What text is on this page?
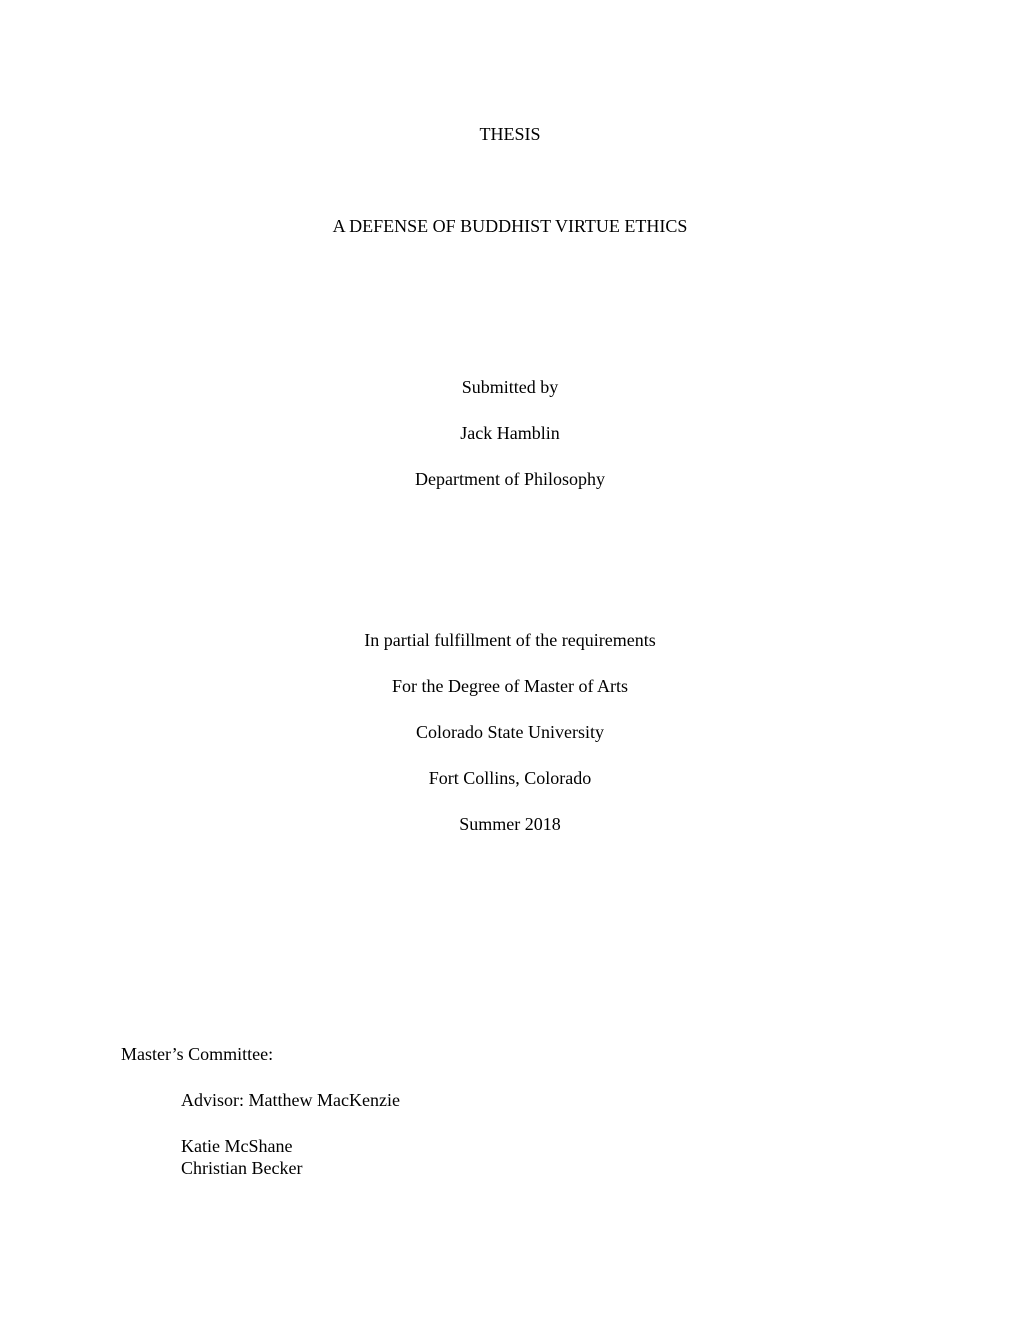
THESIS
A DEFENSE OF BUDDHIST VIRTUE ETHICS
Submitted by
Jack Hamblin
Department of Philosophy
In partial fulfillment of the requirements
For the Degree of Master of Arts
Colorado State University
Fort Collins, Colorado
Summer 2018
Master’s Committee:
Advisor: Matthew MacKenzie
Katie McShane
Christian Becker
